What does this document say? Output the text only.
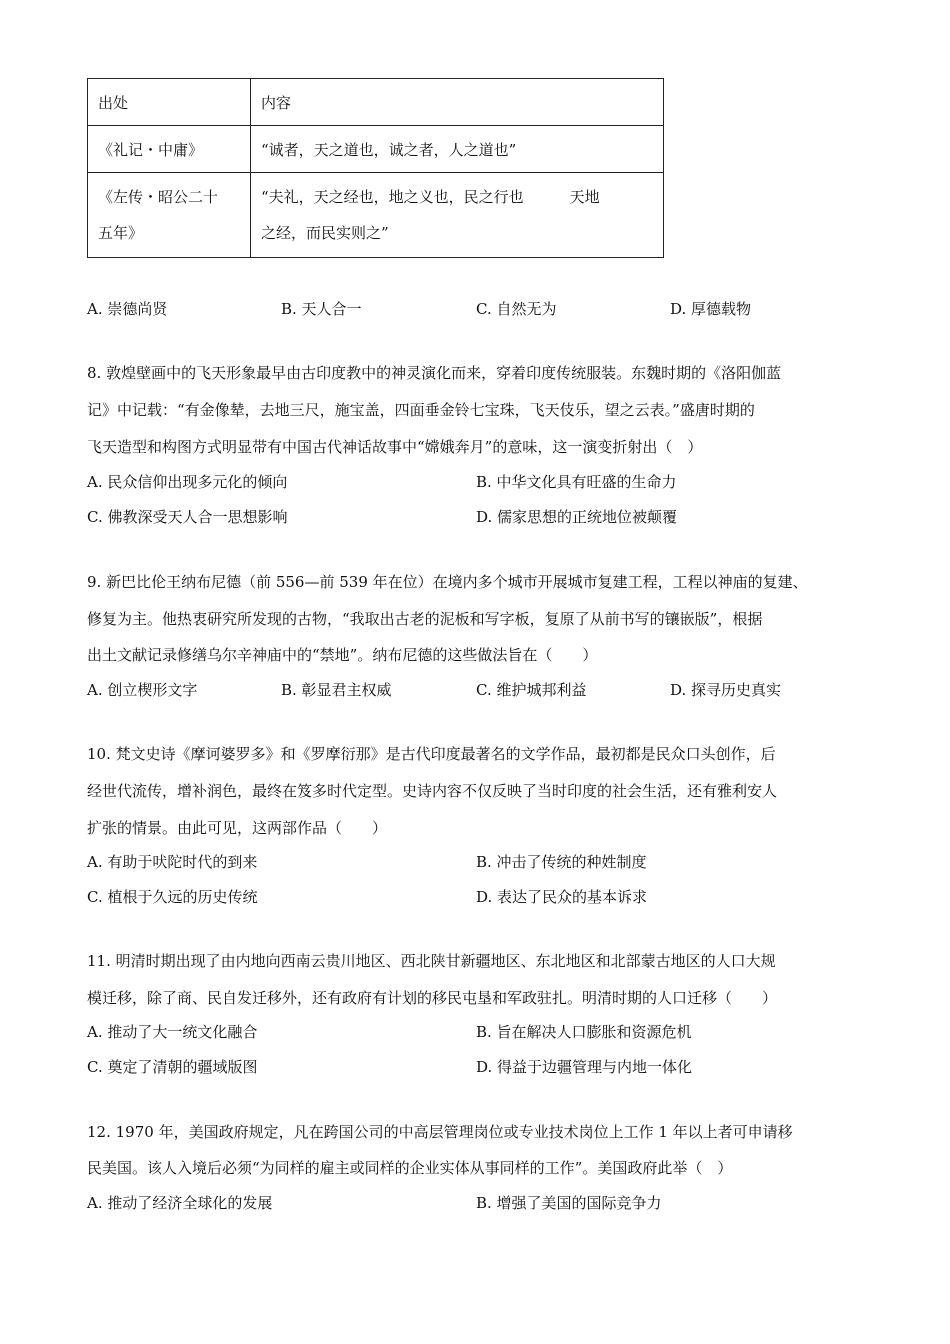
出处	内容
《礼记・中庸》	“诚者，天之道也，诚之者，人之道也”
《左传・昭公二十
五年》	“夫礼，天之经也，地之义也，民之行也 天地
之经，而民实则之”
A. 崇德尚贤	B. 天人合一	C. 自然无为	D. 厚德载物
8. 敦煌壁画中的飞天形象最早由古印度教中的神灵演化而来，穿着印度传统服装。东魏时期的《洛阳伽蓝
记》中记载：“有金像辇，去地三尺，施宝盖，四面垂金铃七宝珠，飞天伎乐，望之云表。”盛唐时期的
飞天造型和构图方式明显带有中国古代神话故事中“嫦娥奔月”的意味，这一演变折射出（　）
A. 民众信仰出现多元化的倾向	B. 中华文化具有旺盛的生命力
C. 佛教深受天人合一思想影响	D. 儒家思想的正统地位被颠覆
9. 新巴比伦王纳布尼德（前 556—前 539 年在位）在境内多个城市开展城市复建工程，工程以神庙的复建、
修复为主。他热衷研究所发现的古物，“我取出古老的泥板和写字板，复原了从前书写的镶嵌版”，根据
出土文献记录修缮乌尔辛神庙中的“禁地”。纳布尼德的这些做法旨在（　　）
A. 创立楔形文字	B. 彰显君主权威	C. 维护城邦利益	D. 探寻历史真实
10. 梵文史诗《摩诃婆罗多》和《罗摩衍那》是古代印度最著名的文学作品，最初都是民众口头创作，后
经世代流传，增补润色，最终在笈多时代定型。史诗内容不仅反映了当时印度的社会生活，还有雅利安人
扩张的情景。由此可见，这两部作品（　　）
A. 有助于吠陀时代的到来	B. 冲击了传统的种姓制度
C. 植根于久远的历史传统	D. 表达了民众的基本诉求
11. 明清时期出现了由内地向西南云贵川地区、西北陕甘新疆地区、东北地区和北部蒙古地区的人口大规
模迁移，除了商、民自发迁移外，还有政府有计划的移民屯垦和军政驻扎。明清时期的人口迁移（　　）
A. 推动了大一统文化融合	B. 旨在解决人口膨胀和资源危机
C. 奠定了清朝的疆域版图	D. 得益于边疆管理与内地一体化
12. 1970 年，美国政府规定，凡在跨国公司的中高层管理岗位或专业技术岗位上工作 1 年以上者可申请移
民美国。该人入境后必须“为同样的雇主或同样的企业实体从事同样的工作”。美国政府此举（　）
A. 推动了经济全球化的发展	B. 增强了美国的国际竞争力
